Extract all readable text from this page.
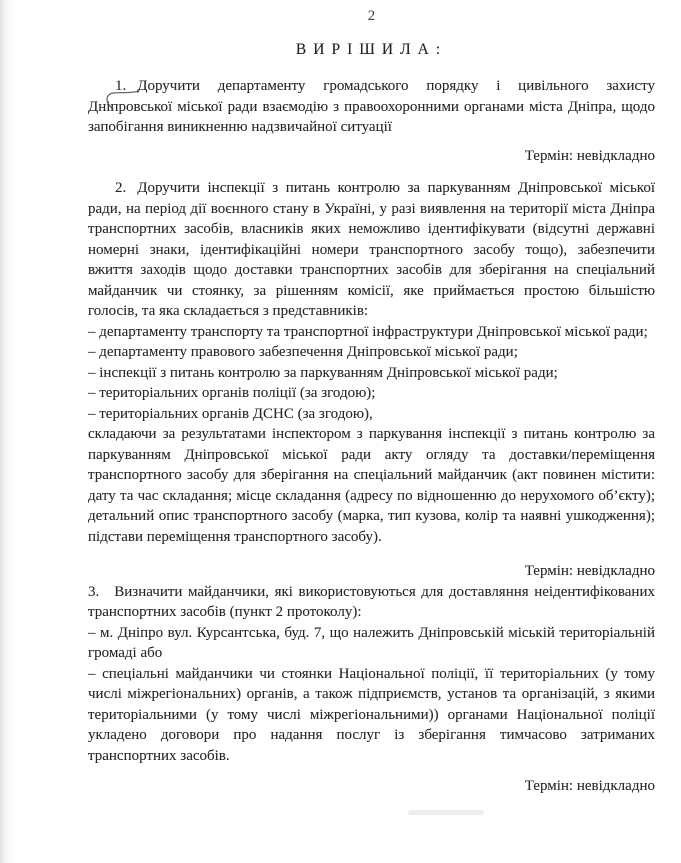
2
ВИРІШИЛА:

1. Доручити департаменту громадського порядку і цивільного захисту Дніпровської міської ради взаємодію з правоохоронними органами міста Дніпра, щодо запобігання виникненню надзвичайної ситуації

Термін: невідкладно

2. Доручити інспекції з питань контролю за паркуванням Дніпровської міської ради, на період дії воєнного стану в Україні, у разі виявлення на території міста Дніпра транспортних засобів, власників яких неможливо ідентифікувати (відсутні державні номерні знаки, ідентифікаційні номери транспортного засобу тощо), забезпечити вжиття заходів щодо доставки транспортних засобів для зберігання на спеціальний майданчик чи стоянку, за рішенням комісії, яке приймається простою більшістю голосів, та яка складається з представників:

– департаменту транспорту та транспортної інфраструктури Дніпровської міської ради;

– департаменту правового забезпечення Дніпровської міської ради;

– інспекції з питань контролю за паркуванням Дніпровської міської ради;

– територіальних органів поліції (за згодою);

– територіальних органів ДСНС (за згодою),

складаючи за результатами інспектором з паркування інспекції з питань контролю за паркуванням Дніпровської міської ради акту огляду та доставки/переміщення транспортного засобу для зберігання на спеціальний майданчик (акт повинен містити: дату та час складання; місце складання (адресу по відношенню до нерухомого об’єкту); детальний опис транспортного засобу (марка, тип кузова, колір та наявні ушкодження); підстави переміщення транспортного засобу).

Термін: невідкладно

3. Визначити майданчики, які використовуються для доставляння неідентифікованих транспортних засобів (пункт 2 протоколу):

– м. Дніпро вул. Курсантська, буд. 7, що належить Дніпровській міській територіальній громаді або

– спеціальні майданчики чи стоянки Національної поліції, її територіальних (у тому числі міжрегіональних) органів, а також підприємств, установ та організацій, з якими територіальними (у тому числі міжрегіональними)) органами Національної поліції укладено договори про надання послуг із зберігання тимчасово затриманих транспортних засобів.

Термін: невідкладно
